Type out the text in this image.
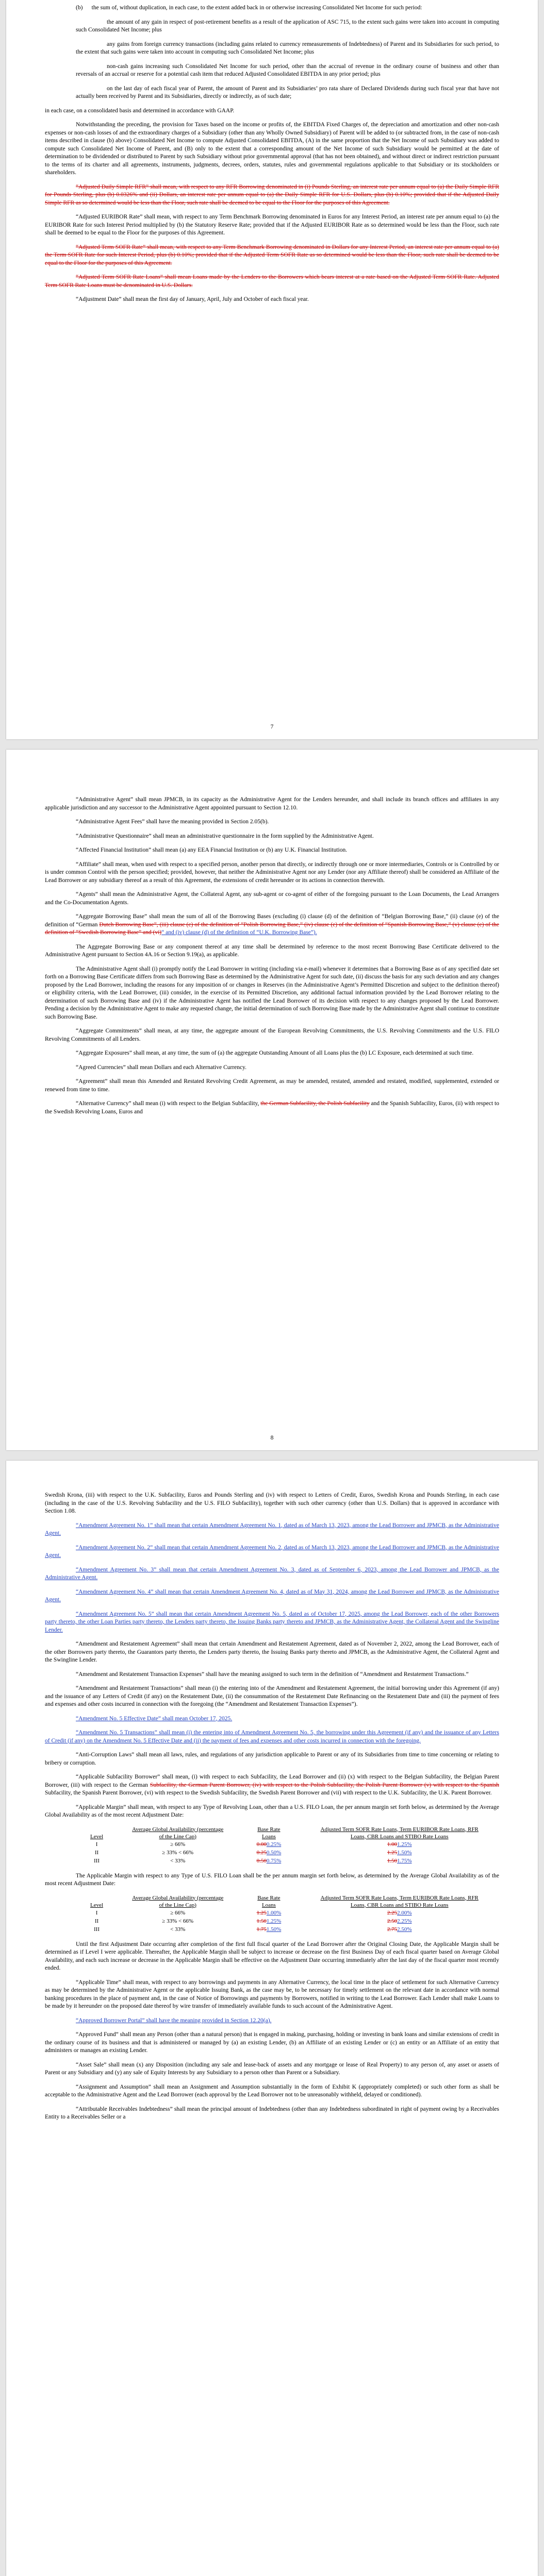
(b)      the sum of, without duplication, in each case, to the extent added back in or otherwise increasing Consolidated Net Income for such period:

the amount of any gain in respect of post-retirement benefits as a result of the application of ASC 715, to the extent such gains were taken into account in computing such Consolidated Net Income; plus

any gains from foreign currency transactions (including gains related to currency remeasurements of Indebtedness) of Parent and its Subsidiaries for such period, to the extent that such gains were taken into account in computing such Consolidated Net Income; plus

non-cash gains increasing such Consolidated Net Income for such period, other than the accrual of revenue in the ordinary course of business and other than reversals of an accrual or reserve for a potential cash item that reduced Adjusted Consolidated EBITDA in any prior period; plus

on the last day of each fiscal year of Parent, the amount of Parent and its Subsidiaries’ pro rata share of Declared Dividends during such fiscal year that have not actually been received by Parent and its Subsidiaries, directly or indirectly, as of such date;

in each case, on a consolidated basis and determined in accordance with GAAP.

Notwithstanding the preceding, the provision for Taxes based on the income or profits of, the EBITDA Fixed Charges of, the depreciation and amortization and other non-cash expenses or non-cash losses of and the extraordinary charges of a Subsidiary (other than any Wholly Owned Subsidiary) of Parent will be added to (or subtracted from, in the case of non-cash items described in clause (b) above) Consolidated Net Income to compute Adjusted Consolidated EBITDA, (A) in the same proportion that the Net Income of such Subsidiary was added to compute such Consolidated Net Income of Parent, and (B) only to the extent that a corresponding amount of the Net Income of such Subsidiary would be permitted at the date of determination to be dividended or distributed to Parent by such Subsidiary without prior governmental approval (that has not been obtained), and without direct or indirect restriction pursuant to the terms of its charter and all agreements, instruments, judgments, decrees, orders, statutes, rules and governmental regulations applicable to that Subsidiary or its stockholders or shareholders.

“Adjusted Daily Simple RFR” shall mean, with respect to any RFR Borrowing denominated in (i) Pounds Sterling, an interest rate per annum equal to (a) the Daily Simple RFR for Pounds Sterling, plus (b) 0.0326% and (ii) Dollars, an interest rate per annum equal to (a) the Daily Simple RFR for U.S. Dollars, plus (b) 0.10%; provided that if the Adjusted Daily Simple RFR as so determined would be less than the Floor, such rate shall be deemed to be equal to the Floor for the purposes of this Agreement.

“Adjusted EURIBOR Rate” shall mean, with respect to any Term Benchmark Borrowing denominated in Euros for any Interest Period, an interest rate per annum equal to (a) the EURIBOR Rate for such Interest Period multiplied by (b) the Statutory Reserve Rate; provided that if the Adjusted EURIBOR Rate as so determined would be less than the Floor, such rate shall be deemed to be equal to the Floor for the purposes of this Agreement.

“Adjusted Term SOFR Rate” shall mean, with respect to any Term Benchmark Borrowing denominated in Dollars for any Interest Period, an interest rate per annum equal to (a) the Term SOFR Rate for such Interest Period, plus (b) 0.10%; provided that if the Adjusted Term SOFR Rate as so determined would be less than the Floor, such rate shall be deemed to be equal to the Floor for the purposes of this Agreement.

“Adjusted Term SOFR Rate Loans” shall mean Loans made by the Lenders to the Borrowers which bears interest at a rate based on the Adjusted Term SOFR Rate. Adjusted Term SOFR Rate Loans must be denominated in U.S. Dollars.

“Adjustment Date” shall mean the first day of January, April, July and October of each fiscal year.

7

“Administrative Agent” shall mean JPMCB, in its capacity as the Administrative Agent for the Lenders hereunder, and shall include its branch offices and affiliates in any applicable jurisdiction and any successor to the Administrative Agent appointed pursuant to Section 12.10.

“Administrative Agent Fees” shall have the meaning provided in Section 2.05(b).

“Administrative Questionnaire” shall mean an administrative questionnaire in the form supplied by the Administrative Agent.

“Affected Financial Institution” shall mean (a) any EEA Financial Institution or (b) any U.K. Financial Institution.

“Affiliate” shall mean, when used with respect to a specified person, another person that directly, or indirectly through one or more intermediaries, Controls or is Controlled by or is under common Control with the person specified; provided, however, that neither the Administrative Agent nor any Lender (nor any Affiliate thereof) shall be considered an Affiliate of the Lead Borrower or any subsidiary thereof as a result of this Agreement, the extensions of credit hereunder or its actions in connection therewith.

“Agents” shall mean the Administrative Agent, the Collateral Agent, any sub-agent or co-agent of either of the foregoing pursuant to the Loan Documents, the Lead Arrangers and the Co-Documentation Agents.

“Aggregate Borrowing Base” shall mean the sum of all of the Borrowing Bases (excluding (i) clause (d) of the definition of “Belgian Borrowing Base,” (ii) clause (e) of the definition of “German Dutch Borrowing Base”, (iii) clause (c) of the definition of “Polish Borrowing Base,” (iv) clause (e) of the definition of “Spanish Borrowing Base,” (v) clause (e) of the definition of “Swedish Borrowing Base” and (vi)“ and (iv) clause (d) of the definition of “U.K. Borrowing Base”).

The Aggregate Borrowing Base or any component thereof at any time shall be determined by reference to the most recent Borrowing Base Certificate delivered to the Administrative Agent pursuant to Section 4A.16 or Section 9.19(a), as applicable.

The Administrative Agent shall (i) promptly notify the Lead Borrower in writing (including via e-mail) whenever it determines that a Borrowing Base as of any specified date set forth on a Borrowing Base Certificate differs from such Borrowing Base as determined by the Administrative Agent for such date, (ii) discuss the basis for any such deviation and any changes proposed by the Lead Borrower, including the reasons for any imposition of or changes in Reserves (in the Administrative Agent’s Permitted Discretion and subject to the definition thereof) or eligibility criteria, with the Lead Borrower, (iii) consider, in the exercise of its Permitted Discretion, any additional factual information provided by the Lead Borrower relating to the determination of such Borrowing Base and (iv) if the Administrative Agent has notified the Lead Borrower of its decision with respect to any changes proposed by the Lead Borrower. Pending a decision by the Administrative Agent to make any requested change, the initial determination of such Borrowing Base made by the Administrative Agent shall continue to constitute such Borrowing Base.

“Aggregate Commitments” shall mean, at any time, the aggregate amount of the European Revolving Commitments, the U.S. Revolving Commitments and the U.S. FILO Revolving Commitments of all Lenders.

“Aggregate Exposures” shall mean, at any time, the sum of (a) the aggregate Outstanding Amount of all Loans plus the (b) LC Exposure, each determined at such time.

“Agreed Currencies” shall mean Dollars and each Alternative Currency.

“Agreement” shall mean this Amended and Restated Revolving Credit Agreement, as may be amended, restated, amended and restated, modified, supplemented, extended or renewed from time to time.

“Alternative Currency” shall mean (i) with respect to the Belgian Subfacility, the German Subfacility, the Polish Subfacility and the Spanish Subfacility, Euros, (ii) with respect to the Swedish Revolving Loans, Euros and

8

Swedish Krona, (iii) with respect to the U.K. Subfacility, Euros and Pounds Sterling and (iv) with respect to Letters of Credit, Euros, Swedish Krona and Pounds Sterling, in each case (including in the case of the U.S. Revolving Subfacility and the U.S. FILO Subfacility), together with such other currency (other than U.S. Dollars) that is approved in accordance with Section 1.08.

“Amendment Agreement No. 1” shall mean that certain Amendment Agreement No. 1, dated as of March 13, 2023, among the Lead Borrower and JPMCB, as the Administrative Agent.

“Amendment Agreement No. 2” shall mean that certain Amendment Agreement No. 2, dated as of March 13, 2023, among the Lead Borrower and JPMCB, as the Administrative Agent.

“Amendment Agreement No. 3” shall mean that certain Amendment Agreement No. 3, dated as of September 6, 2023, among the Lead Borrower and JPMCB, as the Administrative Agent.

“Amendment Agreement No. 4” shall mean that certain Amendment Agreement No. 4, dated as of May 31, 2024, among the Lead Borrower and JPMCB, as the Administrative Agent.

“Amendment Agreement No. 5” shall mean that certain Amendment Agreement No. 5, dated as of October 17, 2025, among the Lead Borrower, each of the other Borrowers party thereto, the other Loan Parties party thereto, the Lenders party thereto, the Issuing Banks party thereto and JPMCB, as the Administrative Agent, the Collateral Agent and the Swingline Lender.

“Amendment and Restatement Agreement” shall mean that certain Amendment and Restatement Agreement, dated as of November 2, 2022, among the Lead Borrower, each of the other Borrowers party thereto, the Guarantors party thereto, the Lenders party thereto, the Issuing Banks party thereto and JPMCB, as the Administrative Agent, the Collateral Agent and the Swingline Lender.

“Amendment and Restatement Transaction Expenses” shall have the meaning assigned to such term in the definition of “Amendment and Restatement Transactions.”

“Amendment and Restatement Transactions” shall mean (i) the entering into of the Amendment and Restatement Agreement, the initial borrowing under this Agreement (if any) and the issuance of any Letters of Credit (if any) on the Restatement Date, (ii) the consummation of the Restatement Date Refinancing on the Restatement Date and (iii) the payment of fees and expenses and other costs incurred in connection with the foregoing (the “Amendment and Restatement Transaction Expenses”).

“Amendment No. 5 Effective Date” shall mean October 17, 2025.

“Amendment No. 5 Transactions” shall mean (i) the entering into of Amendment Agreement No. 5, the borrowing under this Agreement (if any) and the issuance of any Letters of Credit (if any) on the Amendment No. 5 Effective Date and (ii) the payment of fees and expenses and other costs incurred in connection with the foregoing.

“Anti-Corruption Laws” shall mean all laws, rules, and regulations of any jurisdiction applicable to Parent or any of its Subsidiaries from time to time concerning or relating to bribery or corruption.

“Applicable Subfacility Borrower” shall mean, (i) with respect to each Subfacility, the Lead Borrower and (ii) (x) with respect to the Belgian Subfacility, the Belgian Parent Borrower, (iii) with respect to the German Subfacility, the German Parent Borrower, (iv) with respect to the Polish Subfacility, the Polish Parent Borrower (v) with respect to the Spanish Subfacility, the Spanish Parent Borrower, (vi) with respect to the Swedish Subfacility, the Swedish Parent Borrower and (vii) with respect to the U.K. Subfacility, the U.K. Parent Borrower.

“Applicable Margin” shall mean, with respect to any Type of Revolving Loan, other than a U.S. FILO Loan, the per annum margin set forth below, as determined by the Average Global Availability as of the most recent Adjustment Date:

Level	Average Global Availability (percentage of the Line Cap)	Base Rate Loans	Adjusted Term SOFR Rate Loans, Term EURIBOR Rate Loans, RFR Loans, CBR Loans and STIBO Rate Loans
I	≥ 66%	0.000.25%	1.001.25%
II	≥ 33% < 66%	0.250.50%	1.251.50%
III	< 33%	0.500.75%	1.501.75%

The Applicable Margin with respect to any Type of U.S. FILO Loan shall be the per annum margin set forth below, as determined by the Average Global Availability as of the most recent Adjustment Date:

Level	Average Global Availability (percentage of the Line Cap)	Base Rate Loans	Adjusted Term SOFR Rate Loans, Term EURIBOR Rate Loans, RFR Loans, CBR Loans and STIBO Rate Loans
I	≥ 66%	1.251.00%	2.252.00%
II	≥ 33% < 66%	1.501.25%	2.502.25%
III	< 33%	1.751.50%	2.752.50%

Until the first Adjustment Date occurring after completion of the first full fiscal quarter of the Lead Borrower after the Original Closing Date, the Applicable Margin shall be determined as if Level I were applicable. Thereafter, the Applicable Margin shall be subject to increase or decrease on the first Business Day of each fiscal quarter based on Average Global Availability, and each such increase or decrease in the Applicable Margin shall be effective on the Adjustment Date occurring immediately after the last day of the fiscal quarter most recently ended.

“Applicable Time” shall mean, with respect to any borrowings and payments in any Alternative Currency, the local time in the place of settlement for such Alternative Currency as may be determined by the Administrative Agent or the applicable Issuing Bank, as the case may be, to be necessary for timely settlement on the relevant date in accordance with normal banking procedures in the place of payment and, in the case of Notice of Borrowings and payments by Borrowers, notified in writing to the Lead Borrower. Each Lender shall make Loans to be made by it hereunder on the proposed date thereof by wire transfer of immediately available funds to such account of the Administrative Agent.

“Approved Borrower Portal” shall have the meaning provided in Section 12.20(a).

“Approved Fund” shall mean any Person (other than a natural person) that is engaged in making, purchasing, holding or investing in bank loans and similar extensions of credit in the ordinary course of its business and that is administered or managed by (a) an existing Lender, (b) an Affiliate of an existing Lender or (c) an entity or an Affiliate of an entity that administers or manages an existing Lender.

“Asset Sale” shall mean (x) any Disposition (including any sale and lease-back of assets and any mortgage or lease of Real Property) to any person of, any asset or assets of Parent or any Subsidiary and (y) any sale of Equity Interests by any Subsidiary to a person other than Parent or a Subsidiary.

“Assignment and Assumption” shall mean an Assignment and Assumption substantially in the form of Exhibit K (appropriately completed) or such other form as shall be acceptable to the Administrative Agent and the Lead Borrower (each approval by the Lead Borrower not to be unreasonably withheld, delayed or conditioned).

“Attributable Receivables Indebtedness” shall mean the principal amount of Indebtedness (other than any Indebtedness subordinated in right of payment owing by a Receivables Entity to a Receivables Seller or a
